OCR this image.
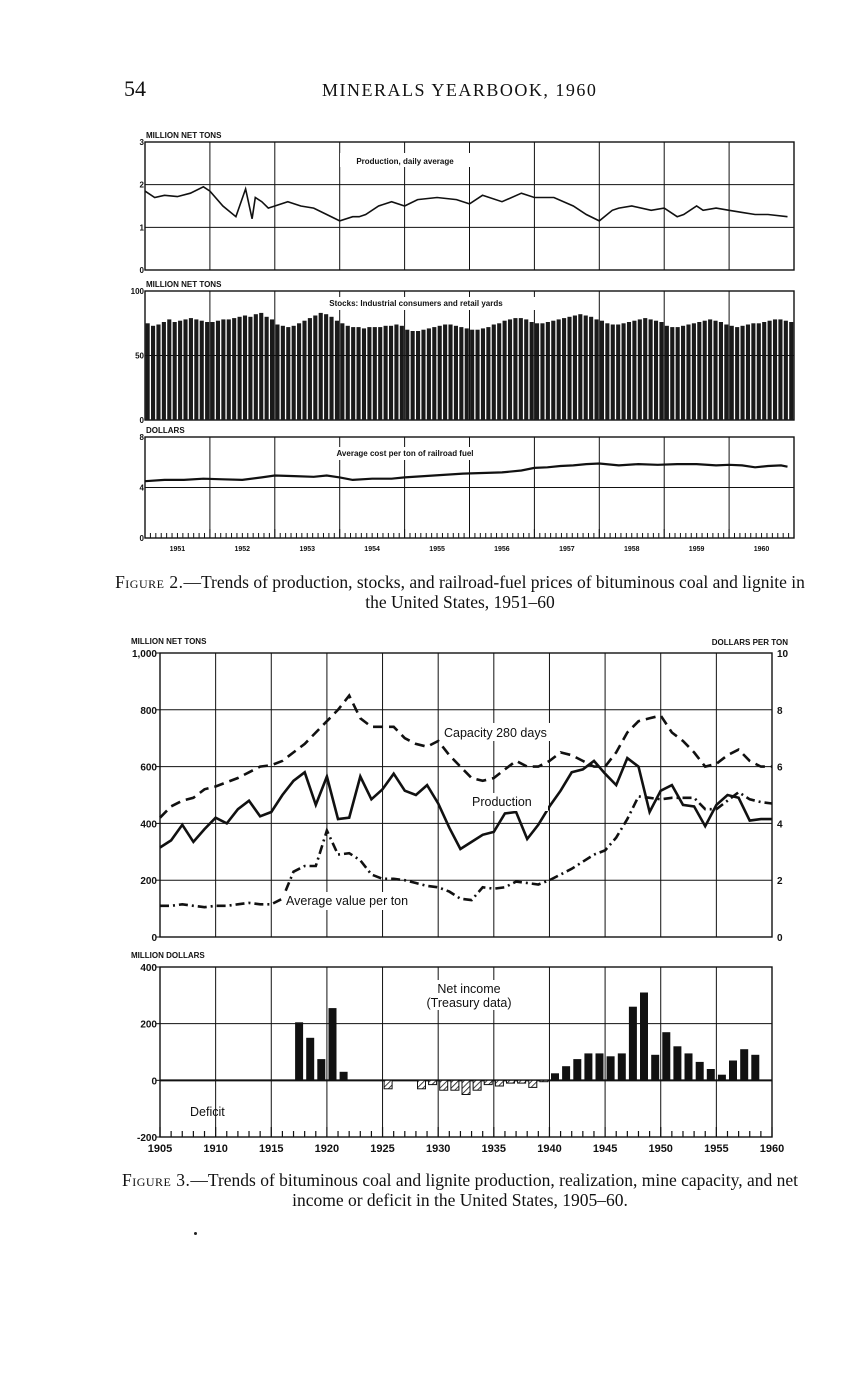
54	MINERALS YEARBOOK, 1960
MILLION NET TONS
0
1
2
3
Production, daily average
MILLION NET TONS
0
50
100
Stocks: Industrial consumers and retail yards
DOLLARS
0
4
8
Average cost per ton of railroad fuel
1951	1952	1953	1954	1955	1956	1957	1958	1959	1960
MILLION NET TONS	DOLLARS PER TON
0
200
400
600
800
1,000
0
2
4
6
8
10
Capacity 280 days
Production
Average value per ton
Net income
(Treasury data)
MILLION DOLLARS
-200
0
200
400
Deficit
1905	1910	1915	1920	1925	1930	1935	1940	1945	1950	1955	1960
Figure 2.—Trends of production, stocks, and railroad-fuel prices of bituminous coal and lignite in the United States, 1951–60
Figure 3.—Trends of bituminous coal and lignite production, realization, mine capacity, and net income or deficit in the United States, 1905–60.
